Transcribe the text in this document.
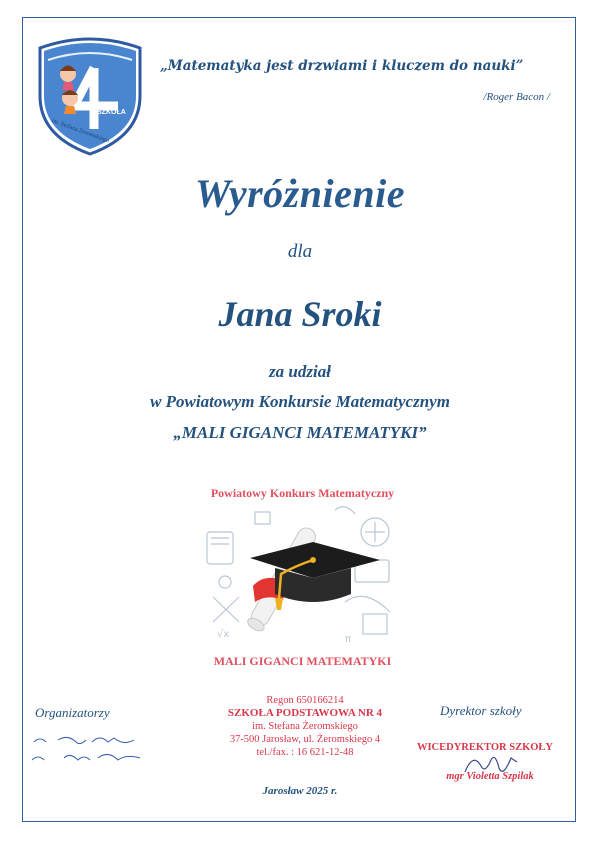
SZKOŁA
im. Stefana Żeromskiego
„Matematyka jest drzwiami i kluczem do nauki”
/Roger Bacon /
Wyróżnienie
dla
Jana Sroki
za udział
w Powiatowym Konkursie Matematycznym
„MALI GIGANCI MATEMATYKI”
Powiatowy Konkurs Matematyczny
√x	π
MALI GIGANCI MATEMATYKI
Organizatorzy
Regon 650166214
SZKOŁA PODSTAWOWA NR 4
im. Stefana Żeromskiego
37-500 Jarosław, ul. Żeromskiego 4
tel./fax. : 16 621-12-48
Dyrektor szkoły
WICEDYREKTOR SZKOŁY
mgr Violetta Szpilak
Jarosław 2025 r.
